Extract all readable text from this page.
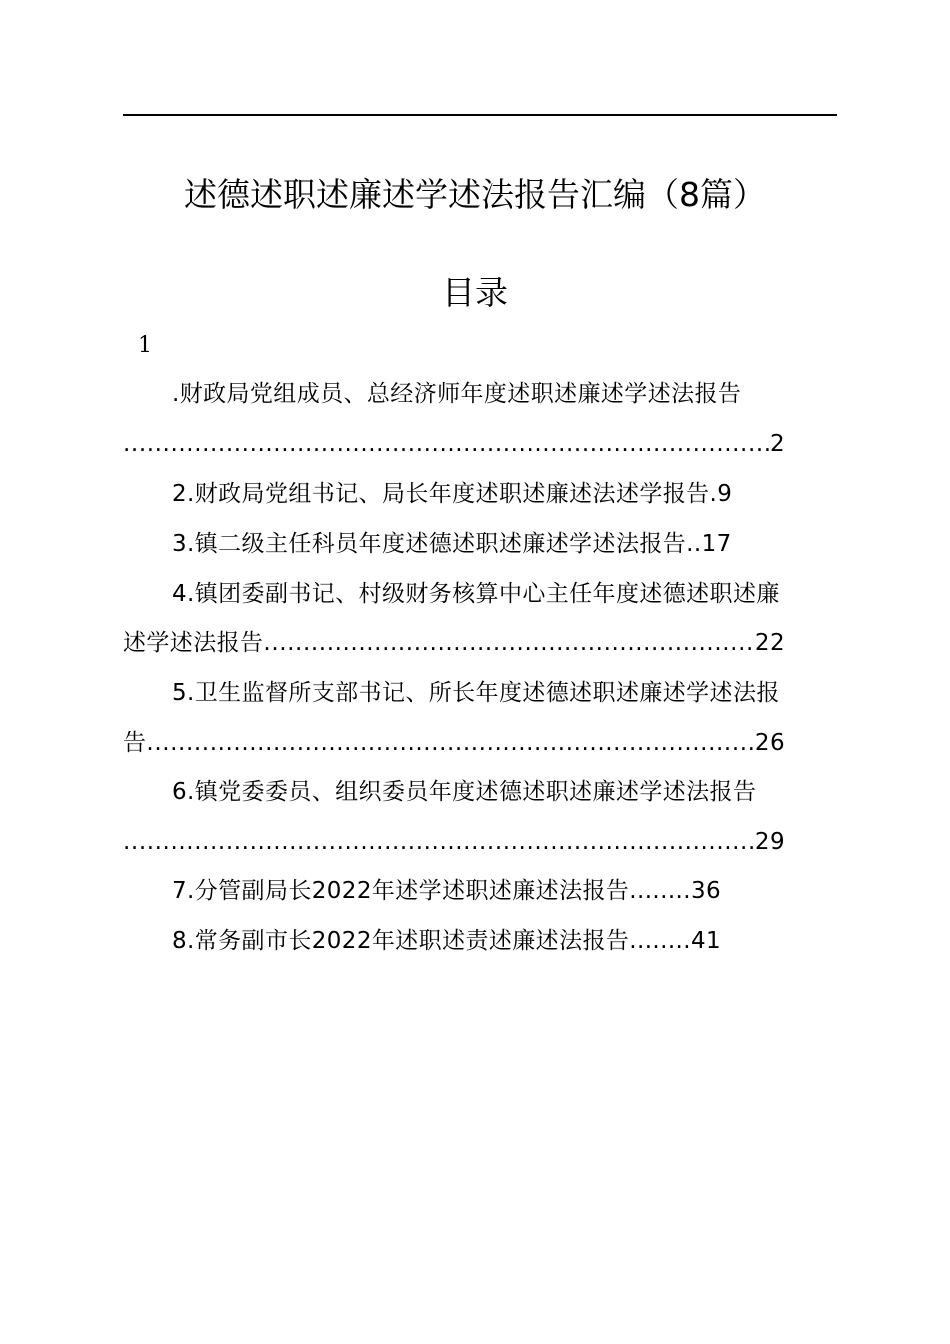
述德述职述廉述学述法报告汇编（8篇）
目录
1
.财政局党组成员、总经济师年度述职述廉述学述法报告
.....
2
2.财政局党组书记、局长年度述职述廉述法述学报告.9
3.镇二级主任科员年度述德述职述廉述学述法报告..17
4.镇团委副书记、村级财务核算中心主任年度述德述职述廉
述学述法报告 .....	22
5.卫生监督所支部书记、所长年度述德述职述廉述学述法报
告 .....	26
6.镇党委委员、组织委员年度述德述职述廉述学述法报告
.....
29
7.分管副局长2022年述学述职述廉述法报告........36
8.常务副市长2022年述职述责述廉述法报告........41
